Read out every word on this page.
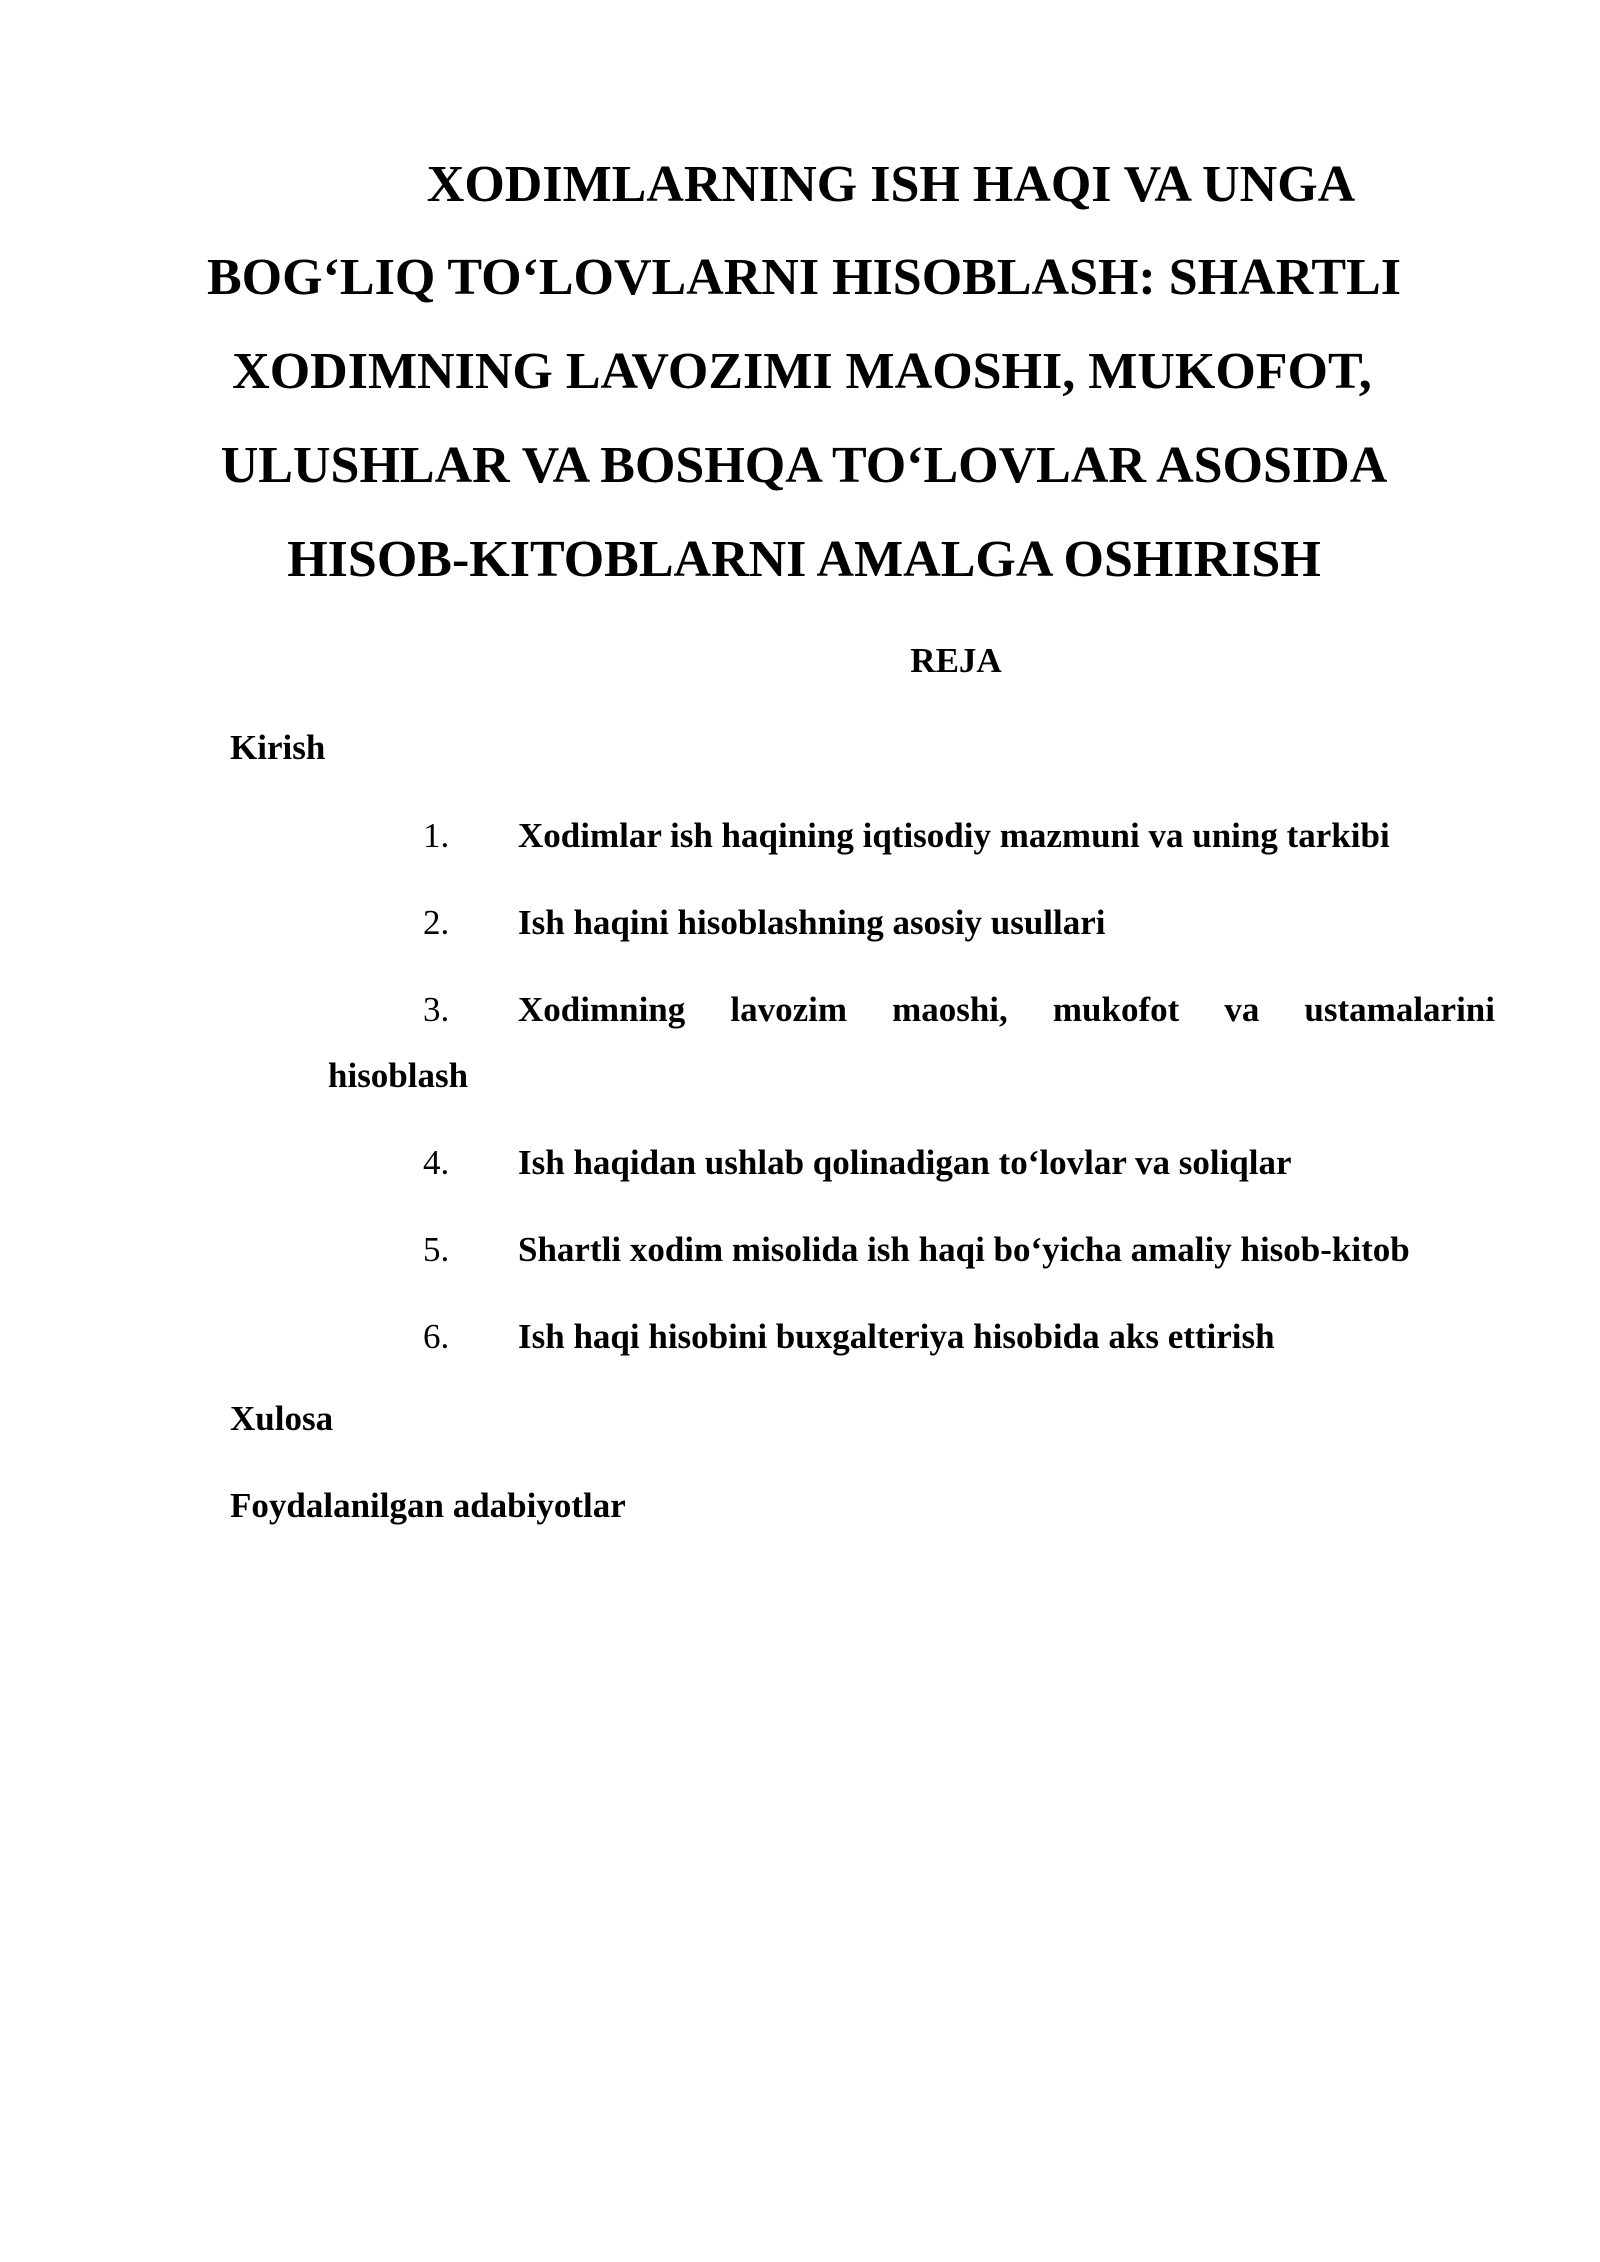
XODIMLARNING ISH HAQI VA UNGA
BOG‘LIQ TO‘LOVLARNI HISOBLASH: SHARTLI
XODIMNING LAVOZIMI MAOSHI, MUKOFOT,
ULUSHLAR VA BOSHQA TO‘LOVLAR ASOSIDA
HISOB-KITOBLARNI AMALGA OSHIRISH
REJA
Kirish
1. Xodimlar ish haqining iqtisodiy mazmuni va uning tarkibi
2. Ish haqini hisoblashning asosiy usullari
3. Xodimning lavozim maoshi, mukofot va ustamalarini
hisoblash
4. Ish haqidan ushlab qolinadigan to‘lovlar va soliqlar
5. Shartli xodim misolida ish haqi bo‘yicha amaliy hisob-kitob
6. Ish haqi hisobini buxgalteriya hisobida aks ettirish
Xulosa
Foydalanilgan adabiyotlar
